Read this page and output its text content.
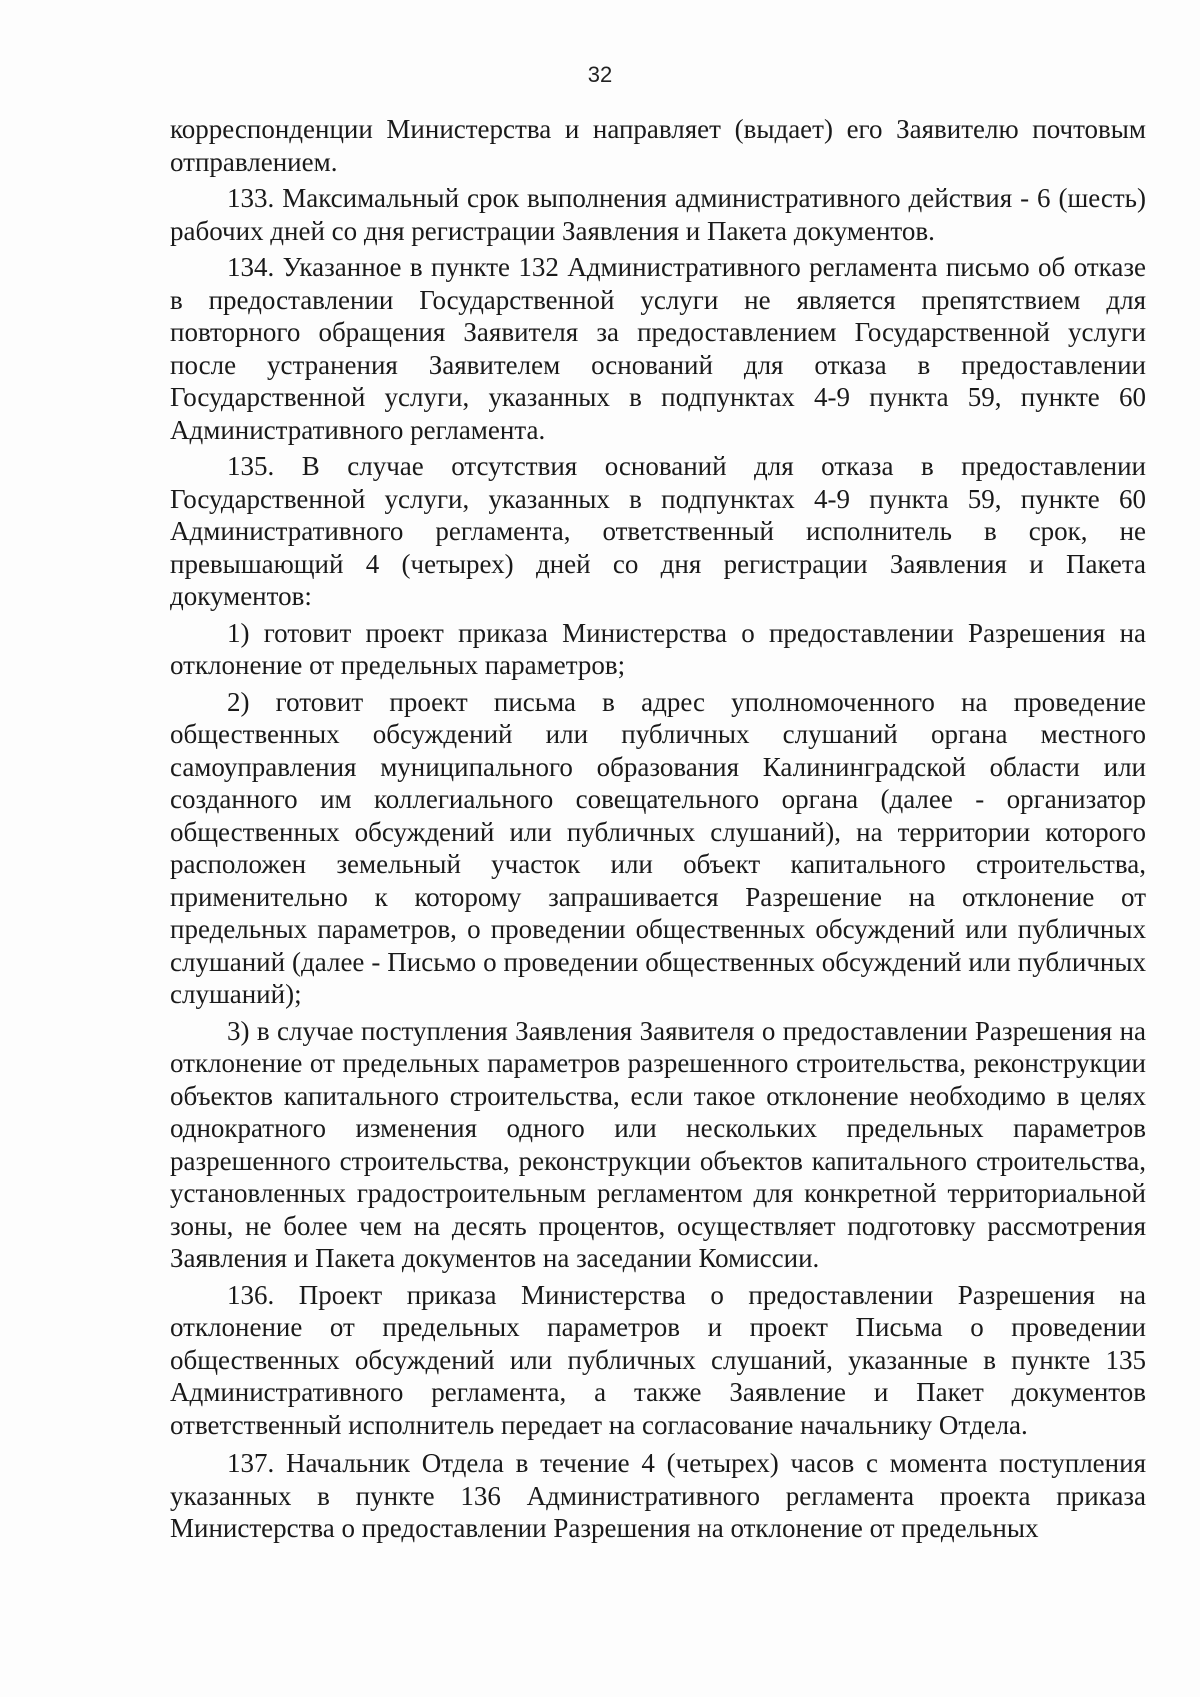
32

корреспонденции Министерства и направляет (выдает) его Заявителю почтовым отправлением.

133. Максимальный срок выполнения административного действия - 6 (шесть) рабочих дней со дня регистрации Заявления и Пакета документов.

134. Указанное в пункте 132 Административного регламента письмо об отказе в предоставлении Государственной услуги не является препятствием для повторного обращения Заявителя за предоставлением Государственной услуги после устранения Заявителем оснований для отказа в предоставлении Государственной услуги, указанных в подпунктах 4-9 пункта 59, пункте 60 Административного регламента.

135. В случае отсутствия оснований для отказа в предоставлении Государственной услуги, указанных в подпунктах 4-9 пункта 59, пункте 60 Административного регламента, ответственный исполнитель в срок, не превышающий 4 (четырех) дней со дня регистрации Заявления и Пакета документов:

1) готовит проект приказа Министерства о предоставлении Разрешения на отклонение от предельных параметров;

2) готовит проект письма в адрес уполномоченного на проведение общественных обсуждений или публичных слушаний органа местного самоуправления муниципального образования Калининградской области или созданного им коллегиального совещательного органа (далее - организатор общественных обсуждений или публичных слушаний), на территории которого расположен земельный участок или объект капитального строительства, применительно к которому запрашивается Разрешение на отклонение от предельных параметров, о проведении общественных обсуждений или публичных слушаний (далее - Письмо о проведении общественных обсуждений или публичных слушаний);

3) в случае поступления Заявления Заявителя о предоставлении Разрешения на отклонение от предельных параметров разрешенного строительства, реконструкции объектов капитального строительства, если такое отклонение необходимо в целях однократного изменения одного или нескольких предельных параметров разрешенного строительства, реконструкции объектов капитального строительства, установленных градостроительным регламентом для конкретной территориальной зоны, не более чем на десять процентов, осуществляет подготовку рассмотрения Заявления и Пакета документов на заседании Комиссии.

136. Проект приказа Министерства о предоставлении Разрешения на отклонение от предельных параметров и проект Письма о проведении общественных обсуждений или публичных слушаний, указанные в пункте 135 Административного регламента, а также Заявление и Пакет документов ответственный исполнитель передает на согласование начальнику Отдела.

137. Начальник Отдела в течение 4 (четырех) часов с момента поступления указанных в пункте 136 Административного регламента проекта приказа Министерства о предоставлении Разрешения на отклонение от предельных
